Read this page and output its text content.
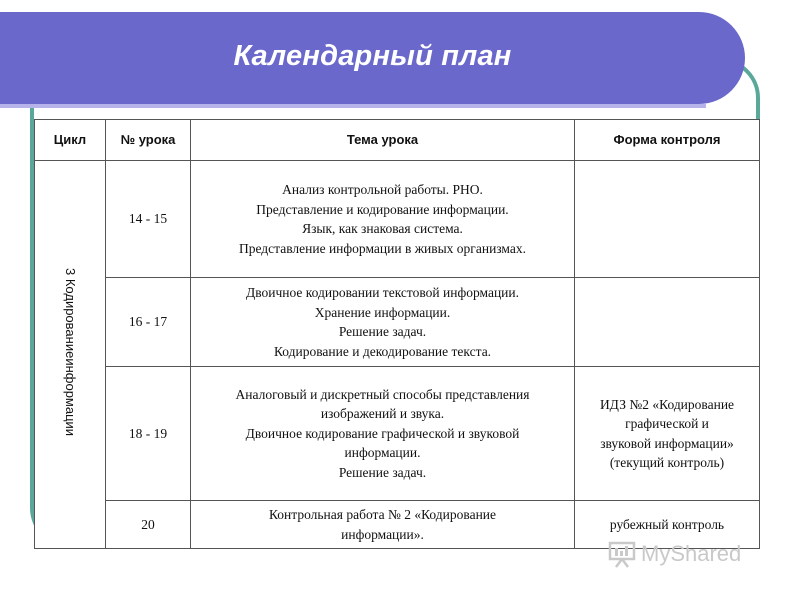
Календарный план
Цикл	№ урока	Тема урока	Форма контроля
3 Кодированиеинформации	14 - 15	Анализ контрольной работы. РНО.
Представление и кодирование информации.
Язык, как знаковая система.
Представление информации в живых организмах.	

	16 - 17	Двоичное кодировании текстовой информации.
Хранение информации.
Решение задач.
Кодирование и декодирование текста.	

	18 - 19	Аналоговый и дискретный способы представления
изображений и звука.
Двоичное кодирование графической и звуковой
информации.
Решение задач.	ИДЗ №2 «Кодирование
графической и
звуковой информации»
(текущий контроль)

	20	Контрольная работа № 2 «Кодирование
информации».	рубежный контроль
MyShared
